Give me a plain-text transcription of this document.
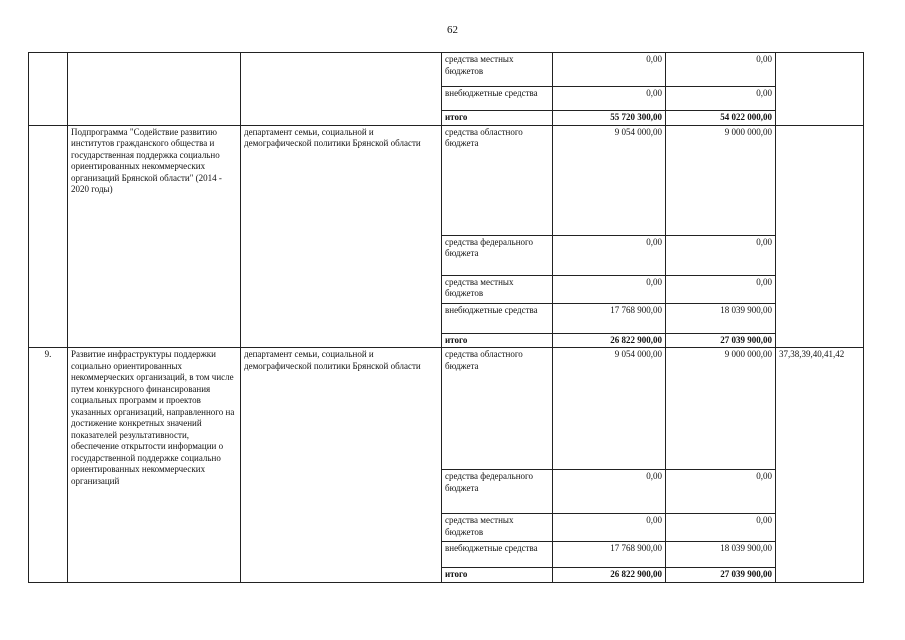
62
			средства местных бюджетов	0,00	0,00	
			внебюджетные средства	0,00	0,00	
			итого	55 720 300,00	54 022 000,00	
	Подпрограмма "Содействие развитию институтов гражданского общества и государственная поддержка социально ориентированных некоммерческих организаций Брянской области" (2014 - 2020 годы)	департамент семьи, социальной и демографической политики Брянской области	средства областного бюджета	9 054 000,00	9 000 000,00	
			средства федерального бюджета	0,00	0,00	
			средства местных бюджетов	0,00	0,00	
			внебюджетные средства	17 768 900,00	18 039 900,00	
			итого	26 822 900,00	27 039 900,00	
9.	Развитие инфраструктуры поддержки социально ориентированных некоммерческих организаций, в том числе путем конкурсного финансирования социальных программ и проектов указанных организаций, направленного на достижение конкретных значений показателей результативности, обеспечение открытости информации о государственной поддержке социально ориентированных некоммерческих организаций	департамент семьи, социальной и демографической политики Брянской области	средства областного бюджета	9 054 000,00	9 000 000,00	37,38,39,40,41,42
			средства федерального бюджета	0,00	0,00	
			средства местных бюджетов	0,00	0,00	
			внебюджетные средства	17 768 900,00	18 039 900,00	
			итого	26 822 900,00	27 039 900,00	
